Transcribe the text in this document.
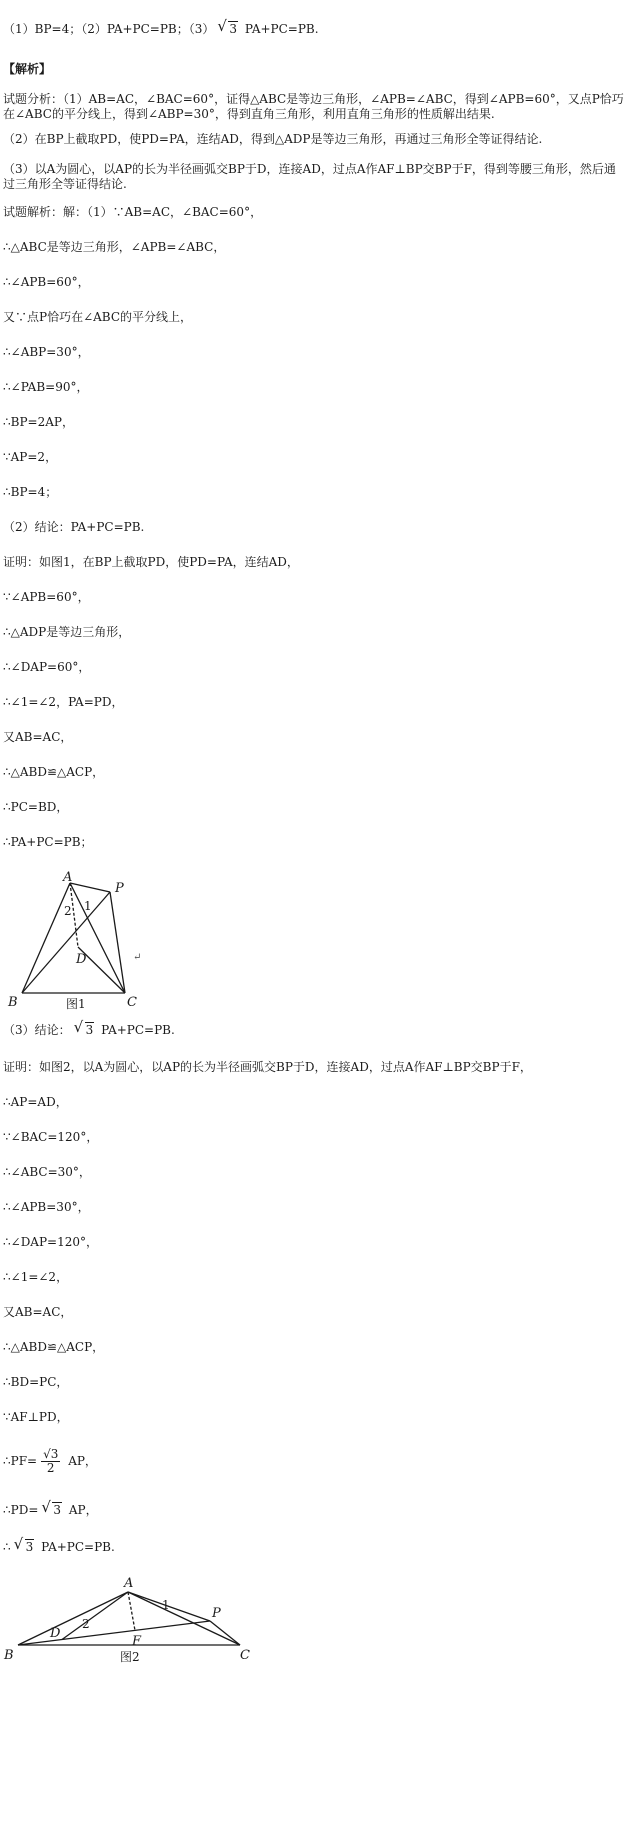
（1）BP=4；（2）PA+PC=PB；（3） √ 3 PA+PC=PB.
【解析】
试题分析：（1）AB=AC，∠BAC=60°，证得△ABC是等边三角形，∠APB=∠ABC，得到∠APB=60°，又点P恰巧在∠ABC的平分线上，得到∠ABP=30°，得到直角三角形，利用直角三角形的性质解出结果.
（2）在BP上截取PD，使PD=PA，连结AD，得到△ADP是等边三角形，再通过三角形全等证得结论.
（3）以A为圆心，以AP的长为半径画弧交BP于D，连接AD，过点A作AF⊥BP交BP于F，得到等腰三角形，然后通过三角形全等证得结论.
试题解析：解：（1）∵AB=AC，∠BAC=60°，
∴△ABC是等边三角形，∠APB=∠ABC，
∴∠APB=60°，
又∵点P恰巧在∠ABC的平分线上，
∴∠ABP=30°，
∴∠PAB=90°，
∴BP=2AP，
∵AP=2，
∴BP=4；
（2）结论：PA+PC=PB.
证明：如图1，在BP上截取PD，使PD=PA，连结AD，
∵∠APB=60°，
∴△ADP是等边三角形，
∴∠DAP=60°，
∴∠1=∠2，PA=PD，
又AB=AC，
∴△ABD≌△ACP，
∴PC=BD，
∴PA+PC=PB；
A
B	C
P
D
1
2
↵
图1
（3）结论： √ 3 PA+PC=PB.
证明：如图2，以A为圆心，以AP的长为半径画弧交BP于D，连接AD，过点A作AF⊥BP交BP于F，
∴AP=AD，
∵∠BAC=120°，
∴∠ABC=30°，
∴∠APB=30°，
∴∠DAP=120°，
∴∠1=∠2，
又AB=AC，
∴△ABD≌△ACP，
∴BD=PC，
∵AF⊥PD，
∴PF= $\frac{√3}{2}$ AP，
∴PD= √ 3 AP，
∴ √ 3 PA+PC=PB.
A
B	C
P
D
F
1
2
图2
